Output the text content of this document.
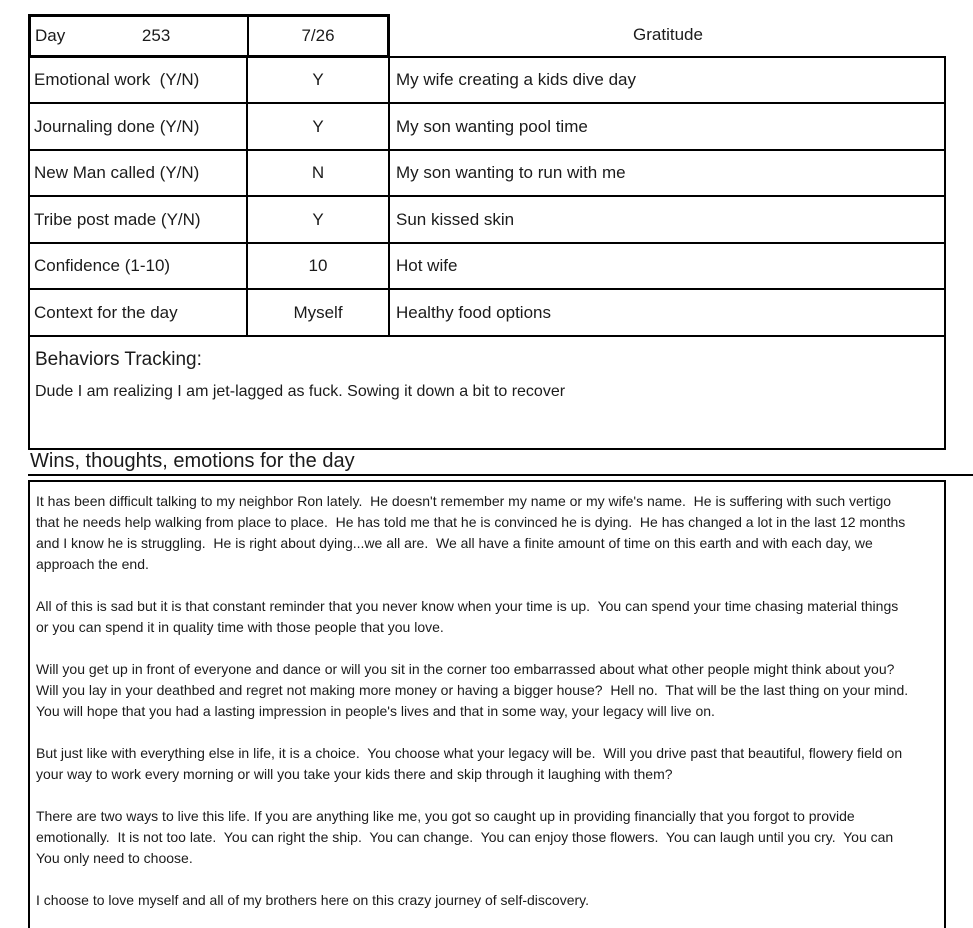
Day	253	7/26	Gratitude
Emotional work  (Y/N)	Y	My wife creating a kids dive day
Journaling done (Y/N)	Y	My son wanting pool time
New Man called (Y/N)	N	My son wanting to run with me
Tribe post made (Y/N)	Y	Sun kissed skin
Confidence (1-10)	10	Hot wife
Context for the day	Myself	Healthy food options
Behaviors Tracking:
Dude I am realizing I am jet-lagged as fuck. Sowing it down a bit to recover
Wins, thoughts, emotions for the day
It has been difficult talking to my neighbor Ron lately.  He doesn't remember my name or my wife's name.  He is suffering with such vertigo
that he needs help walking from place to place.  He has told me that he is convinced he is dying.  He has changed a lot in the last 12 months
and I know he is struggling.  He is right about dying...we all are.  We all have a finite amount of time on this earth and with each day, we
approach the end.
All of this is sad but it is that constant reminder that you never know when your time is up.  You can spend your time chasing material things
or you can spend it in quality time with those people that you love.
Will you get up in front of everyone and dance or will you sit in the corner too embarrassed about what other people might think about you?
Will you lay in your deathbed and regret not making more money or having a bigger house?  Hell no.  That will be the last thing on your mind.
You will hope that you had a lasting impression in people's lives and that in some way, your legacy will live on.
But just like with everything else in life, it is a choice.  You choose what your legacy will be.  Will you drive past that beautiful, flowery field on
your way to work every morning or will you take your kids there and skip through it laughing with them?
There are two ways to live this life. If you are anything like me, you got so caught up in providing financially that you forgot to provide
emotionally.  It is not too late.  You can right the ship.  You can change.  You can enjoy those flowers.  You can laugh until you cry.  You can
You only need to choose.
I choose to love myself and all of my brothers here on this crazy journey of self-discovery.
